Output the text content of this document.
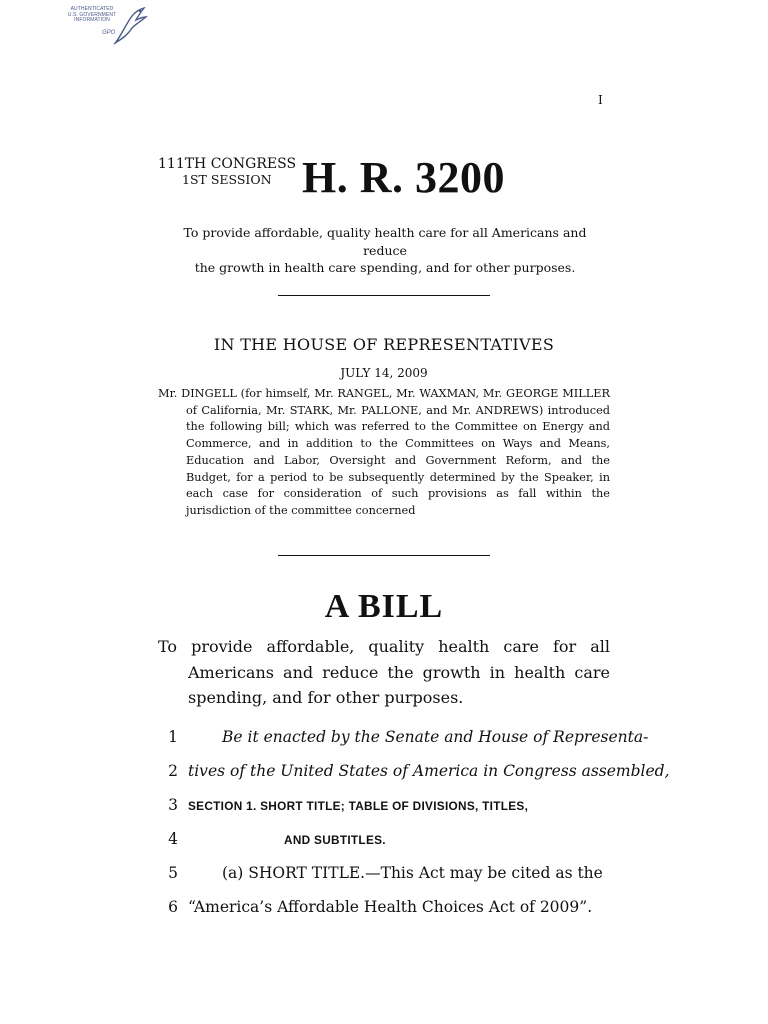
AUTHENTICATED
U.S. GOVERNMENT
INFORMATION
GPO
I
111TH CONGRESS
1ST SESSION H. R. 3200
To provide affordable, quality health care for all Americans and reduce
the growth in health care spending, and for other purposes.
IN THE HOUSE OF REPRESENTATIVES
JULY 14, 2009
Mr. DINGELL (for himself, Mr. RANGEL, Mr. WAXMAN, Mr. GEORGE MILLER of California, Mr. STARK, Mr. PALLONE, and Mr. ANDREWS) introduced the following bill; which was referred to the Committee on Energy and Commerce, and in addition to the Committees on Ways and Means, Education and Labor, Oversight and Government Reform, and the Budget, for a period to be subsequently determined by the Speaker, in each case for consideration of such provisions as fall within the jurisdiction of the committee concerned
A BILL
To provide affordable, quality health care for all Americans and reduce the growth in health care spending, and for other purposes.
1	Be it enacted by the Senate and House of Representa-
2 tives of the United States of America in Congress assembled,
3 SECTION 1. SHORT TITLE; TABLE OF DIVISIONS, TITLES,
4	AND SUBTITLES.
5	(a) SHORT TITLE.—This Act may be cited as the
6 “America’s Affordable Health Choices Act of 2009”.
